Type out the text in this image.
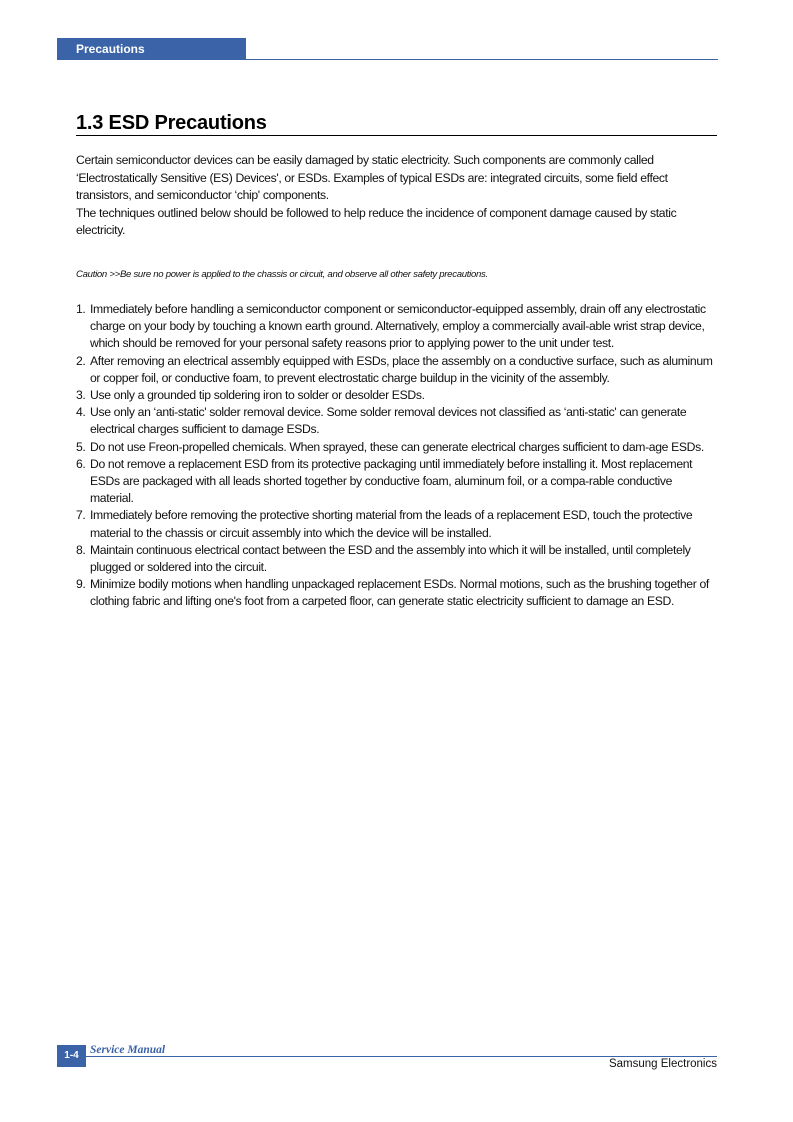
Precautions
1.3 ESD Precautions

Certain semiconductor devices can be easily damaged by static electricity. Such components are commonly called ‘Electrostatically Sensitive (ES) Devices', or ESDs. Examples of typical ESDs are: integrated circuits, some field effect transistors, and semiconductor ‘chip' components.

The techniques outlined below should be followed to help reduce the incidence of component damage caused by static electricity.

Caution >>Be sure no power is applied to the chassis or circuit, and observe all other safety precautions.

1. Immediately before handling a semiconductor component or semiconductor-equipped assembly, drain off any electrostatic charge on your body by touching a known earth ground. Alternatively, employ a commercially avail-able wrist strap device, which should be removed for your personal safety reasons prior to applying power to the unit under test.
2. After removing an electrical assembly equipped with ESDs, place the assembly on a conductive surface, such as aluminum or copper foil, or conductive foam, to prevent electrostatic charge buildup in the vicinity of the assembly.
3. Use only a grounded tip soldering iron to solder or desolder ESDs.
4. Use only an ‘anti-static' solder removal device. Some solder removal devices not classified as ‘anti-static' can generate electrical charges sufficient to damage ESDs.
5. Do not use Freon-propelled chemicals. When sprayed, these can generate electrical charges sufficient to dam-age ESDs.
6. Do not remove a replacement ESD from its protective packaging until immediately before installing it. Most replacement ESDs are packaged with all leads shorted together by conductive foam, aluminum foil, or a compa-rable conductive material.
7. Immediately before removing the protective shorting material from the leads of a replacement ESD, touch the protective material to the chassis or circuit assembly into which the device will be installed.
8. Maintain continuous electrical contact between the ESD and the assembly into which it will be installed, until completely plugged or soldered into the circuit.
9. Minimize bodily motions when handling unpackaged replacement ESDs. Normal motions, such as the brushing together of clothing fabric and lifting one's foot from a carpeted floor, can generate static electricity sufficient to damage an ESD.
1-4 Service Manual
Samsung Electronics
